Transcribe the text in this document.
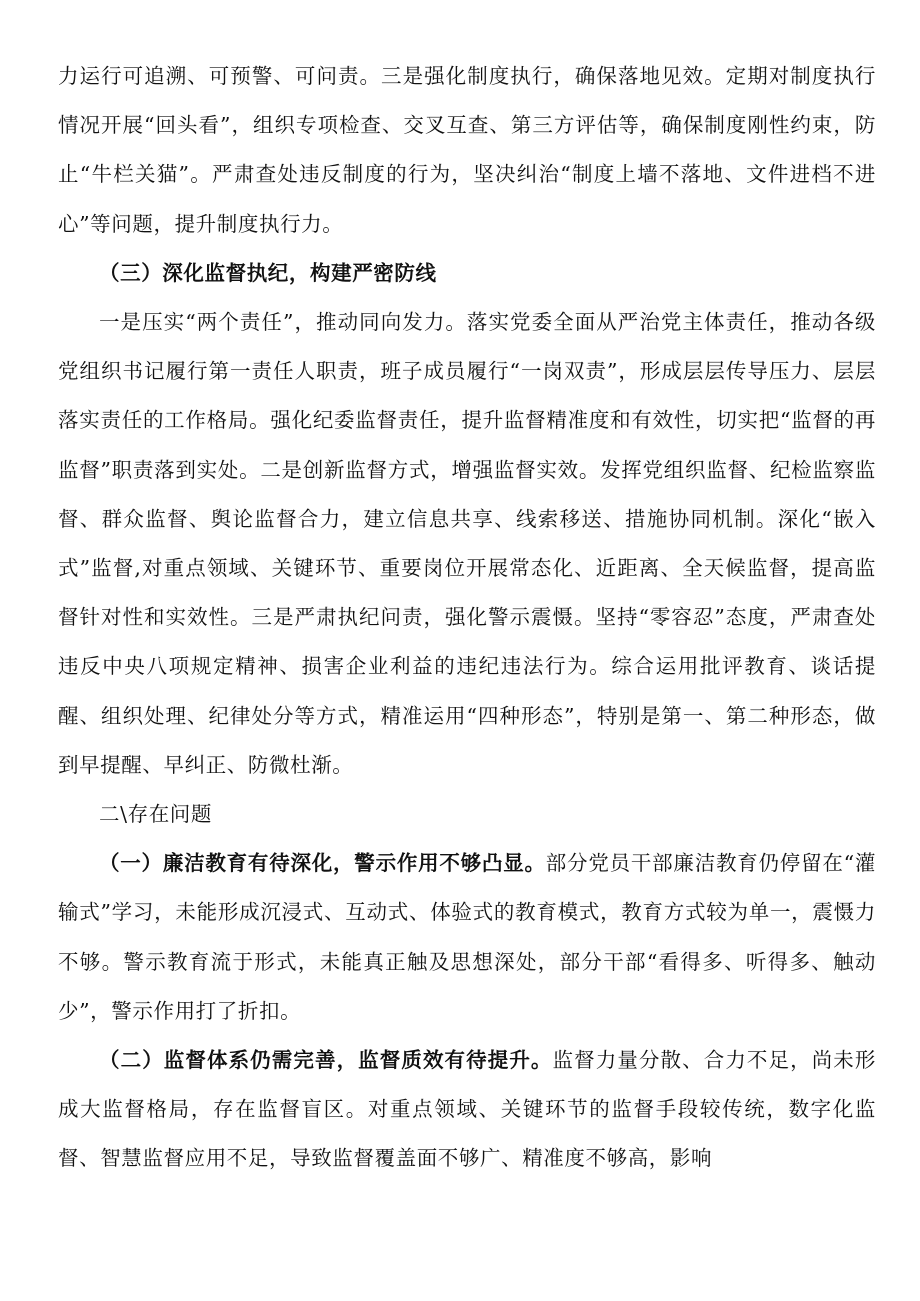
力运行可追溯、可预警、可问责。三是强化制度执行，确保落地见效。定期对制度执行情况开展“回头看”，组织专项检查、交叉互查、第三方评估等，确保制度刚性约束，防止“牛栏关猫”。严肃查处违反制度的行为，坚决纠治“制度上墙不落地、文件进档不进心”等问题，提升制度执行力。

（三）深化监督执纪，构建严密防线

一是压实“两个责任”，推动同向发力。落实党委全面从严治党主体责任，推动各级党组织书记履行第一责任人职责，班子成员履行“一岗双责”，形成层层传导压力、层层落实责任的工作格局。强化纪委监督责任，提升监督精准度和有效性，切实把“监督的再监督”职责落到实处。二是创新监督方式，增强监督实效。发挥党组织监督、纪检监察监督、群众监督、舆论监督合力，建立信息共享、线索移送、措施协同机制。深化“嵌入式”监督,对重点领域、关键环节、重要岗位开展常态化、近距离、全天候监督，提高监督针对性和实效性。三是严肃执纪问责，强化警示震慑。坚持“零容忍”态度，严肃查处违反中央八项规定精神、损害企业利益的违纪违法行为。综合运用批评教育、谈话提醒、组织处理、纪律处分等方式，精准运用“四种形态”，特别是第一、第二种形态，做到早提醒、早纠正、防微杜渐。

二\存在问题

（一）廉洁教育有待深化，警示作用不够凸显。部分党员干部廉洁教育仍停留在“灌输式”学习，未能形成沉浸式、互动式、体验式的教育模式，教育方式较为单一，震慑力不够。警示教育流于形式，未能真正触及思想深处，部分干部“看得多、听得多、触动少”，警示作用打了折扣。

（二）监督体系仍需完善，监督质效有待提升。监督力量分散、合力不足，尚未形成大监督格局，存在监督盲区。对重点领域、关键环节的监督手段较传统，数字化监督、智慧监督应用不足，导致监督覆盖面不够广、精准度不够高，影响
